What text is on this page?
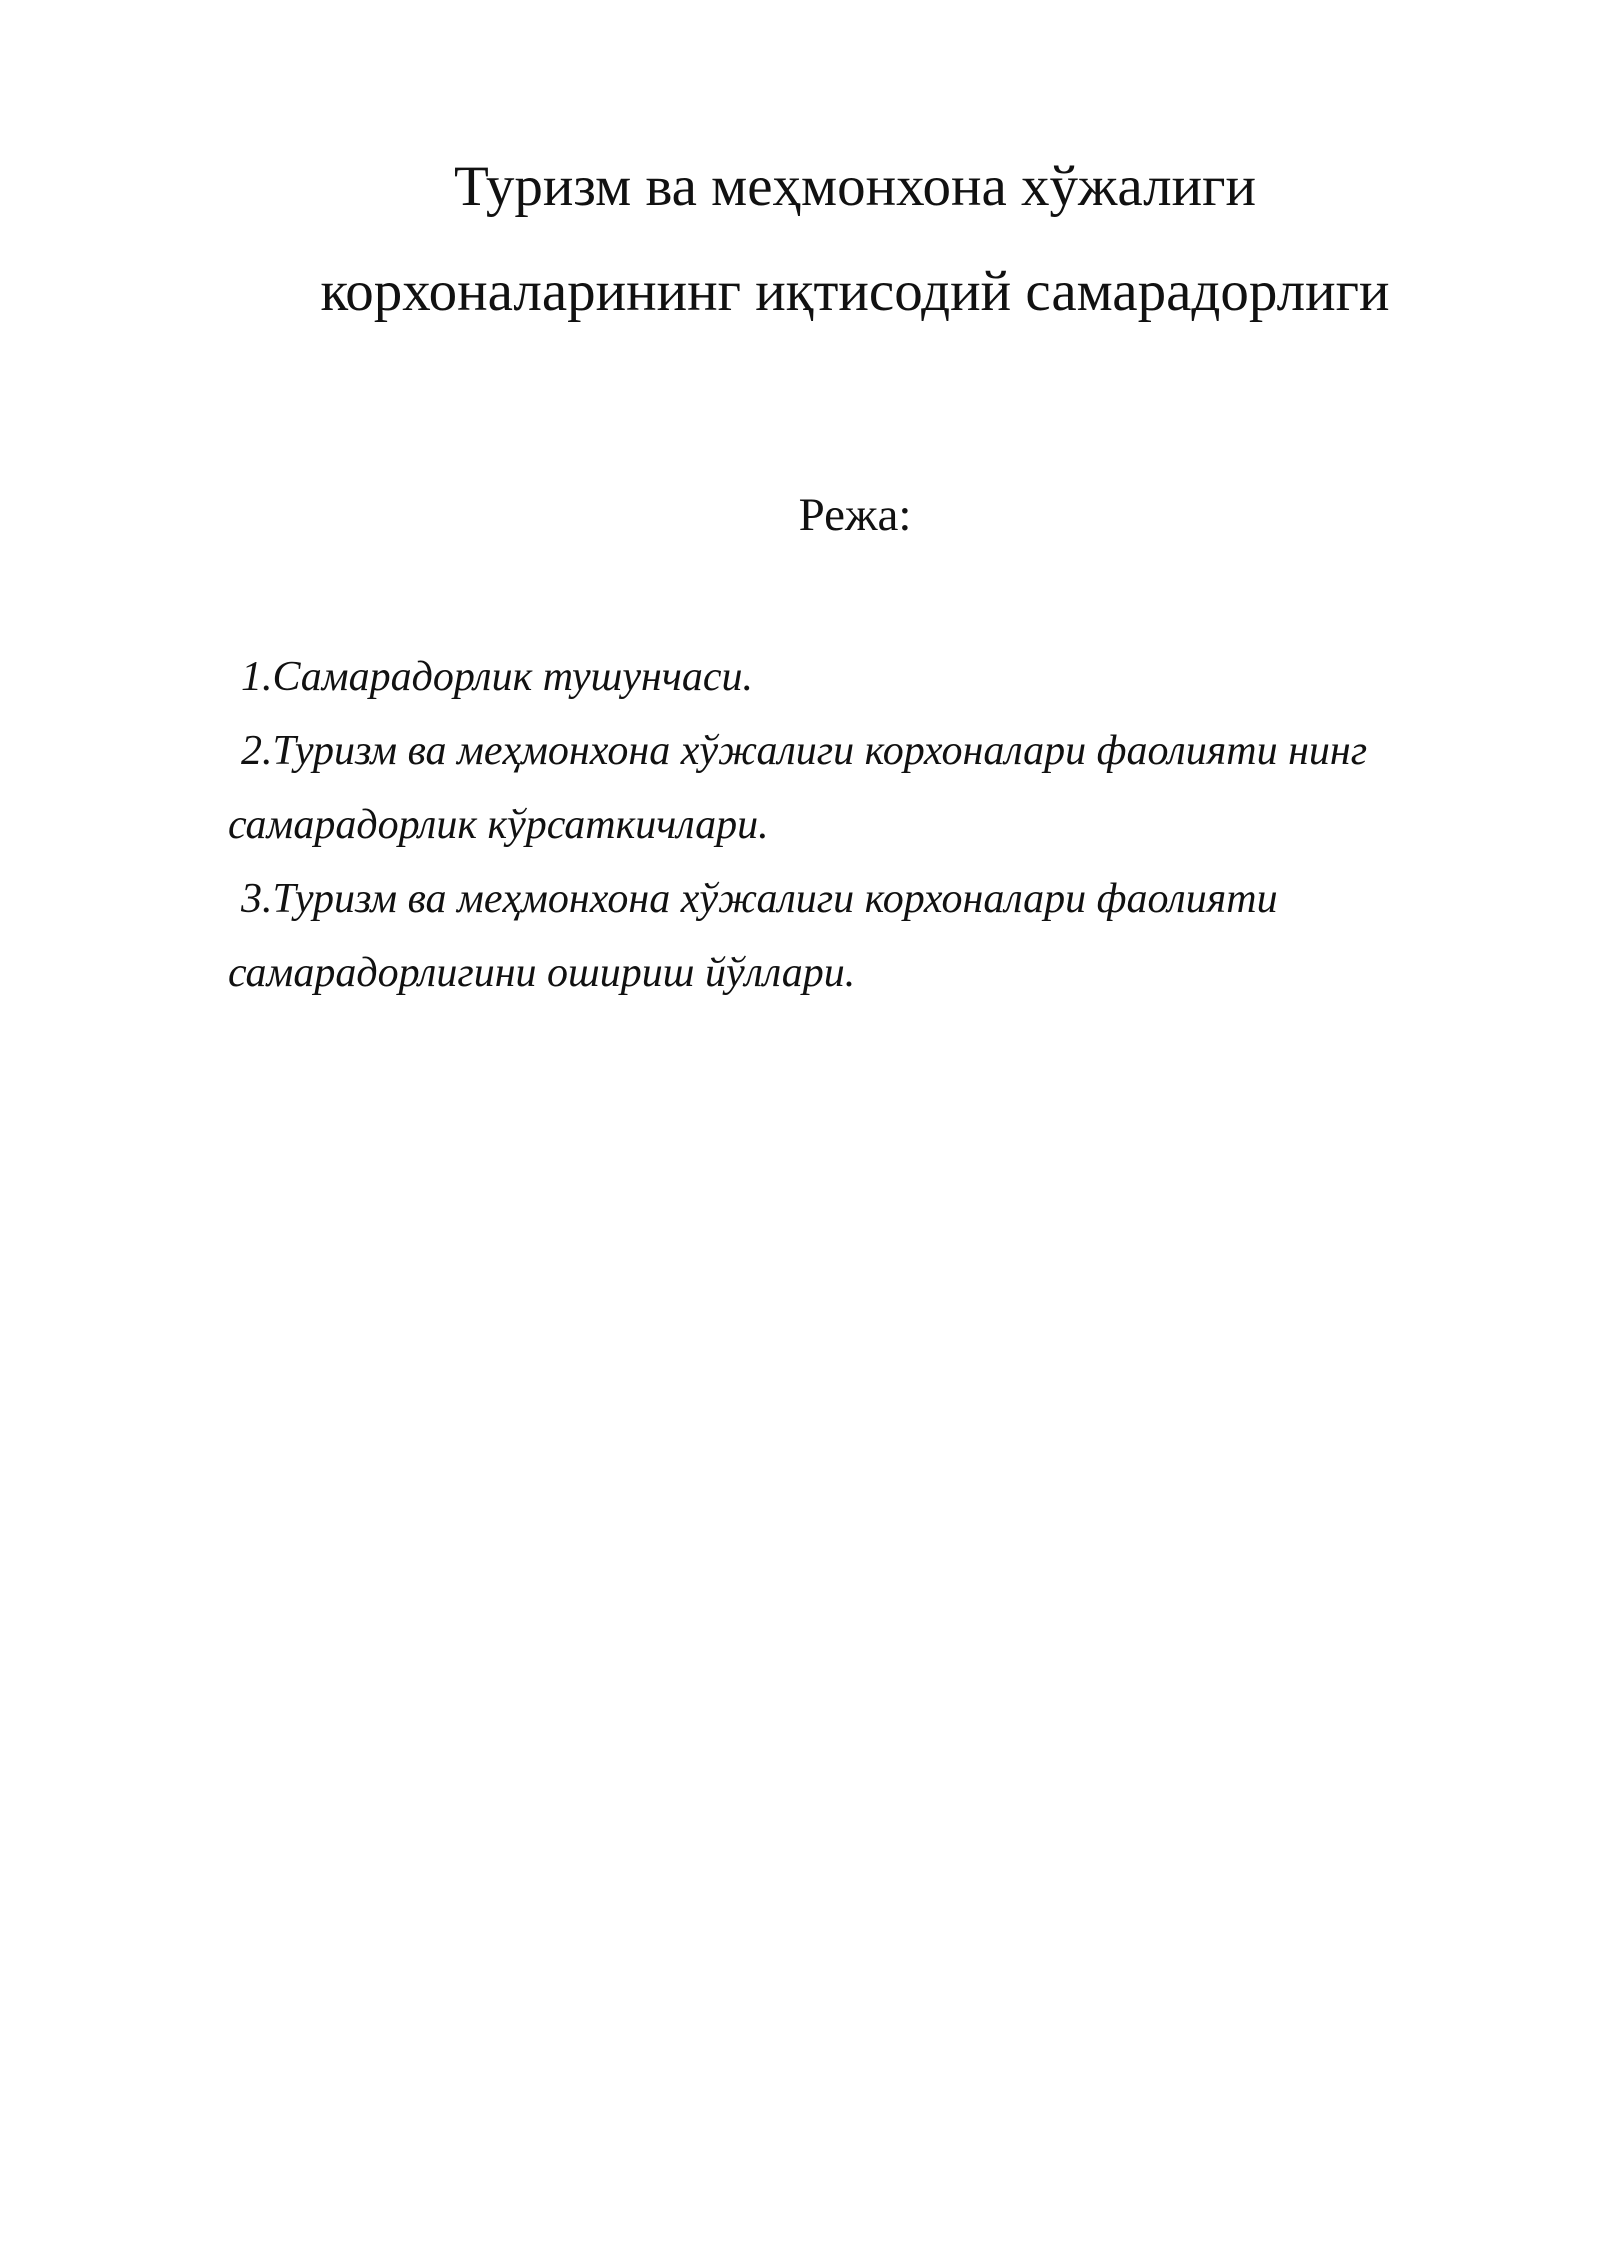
Туризм ва меҳмонхона хўжалиги
корхоналарининг иқтисодий самарадорлиги
Режа:
1.Самарадорлик тушунчаси.
2.Туризм ва меҳмонхона хўжалиги корхоналари фаолияти нинг
самарадорлик кўрсаткичлари.
3.Туризм ва меҳмонхона хўжалиги корхоналари фаолияти
самарадорлигини ошириш йўллари.
